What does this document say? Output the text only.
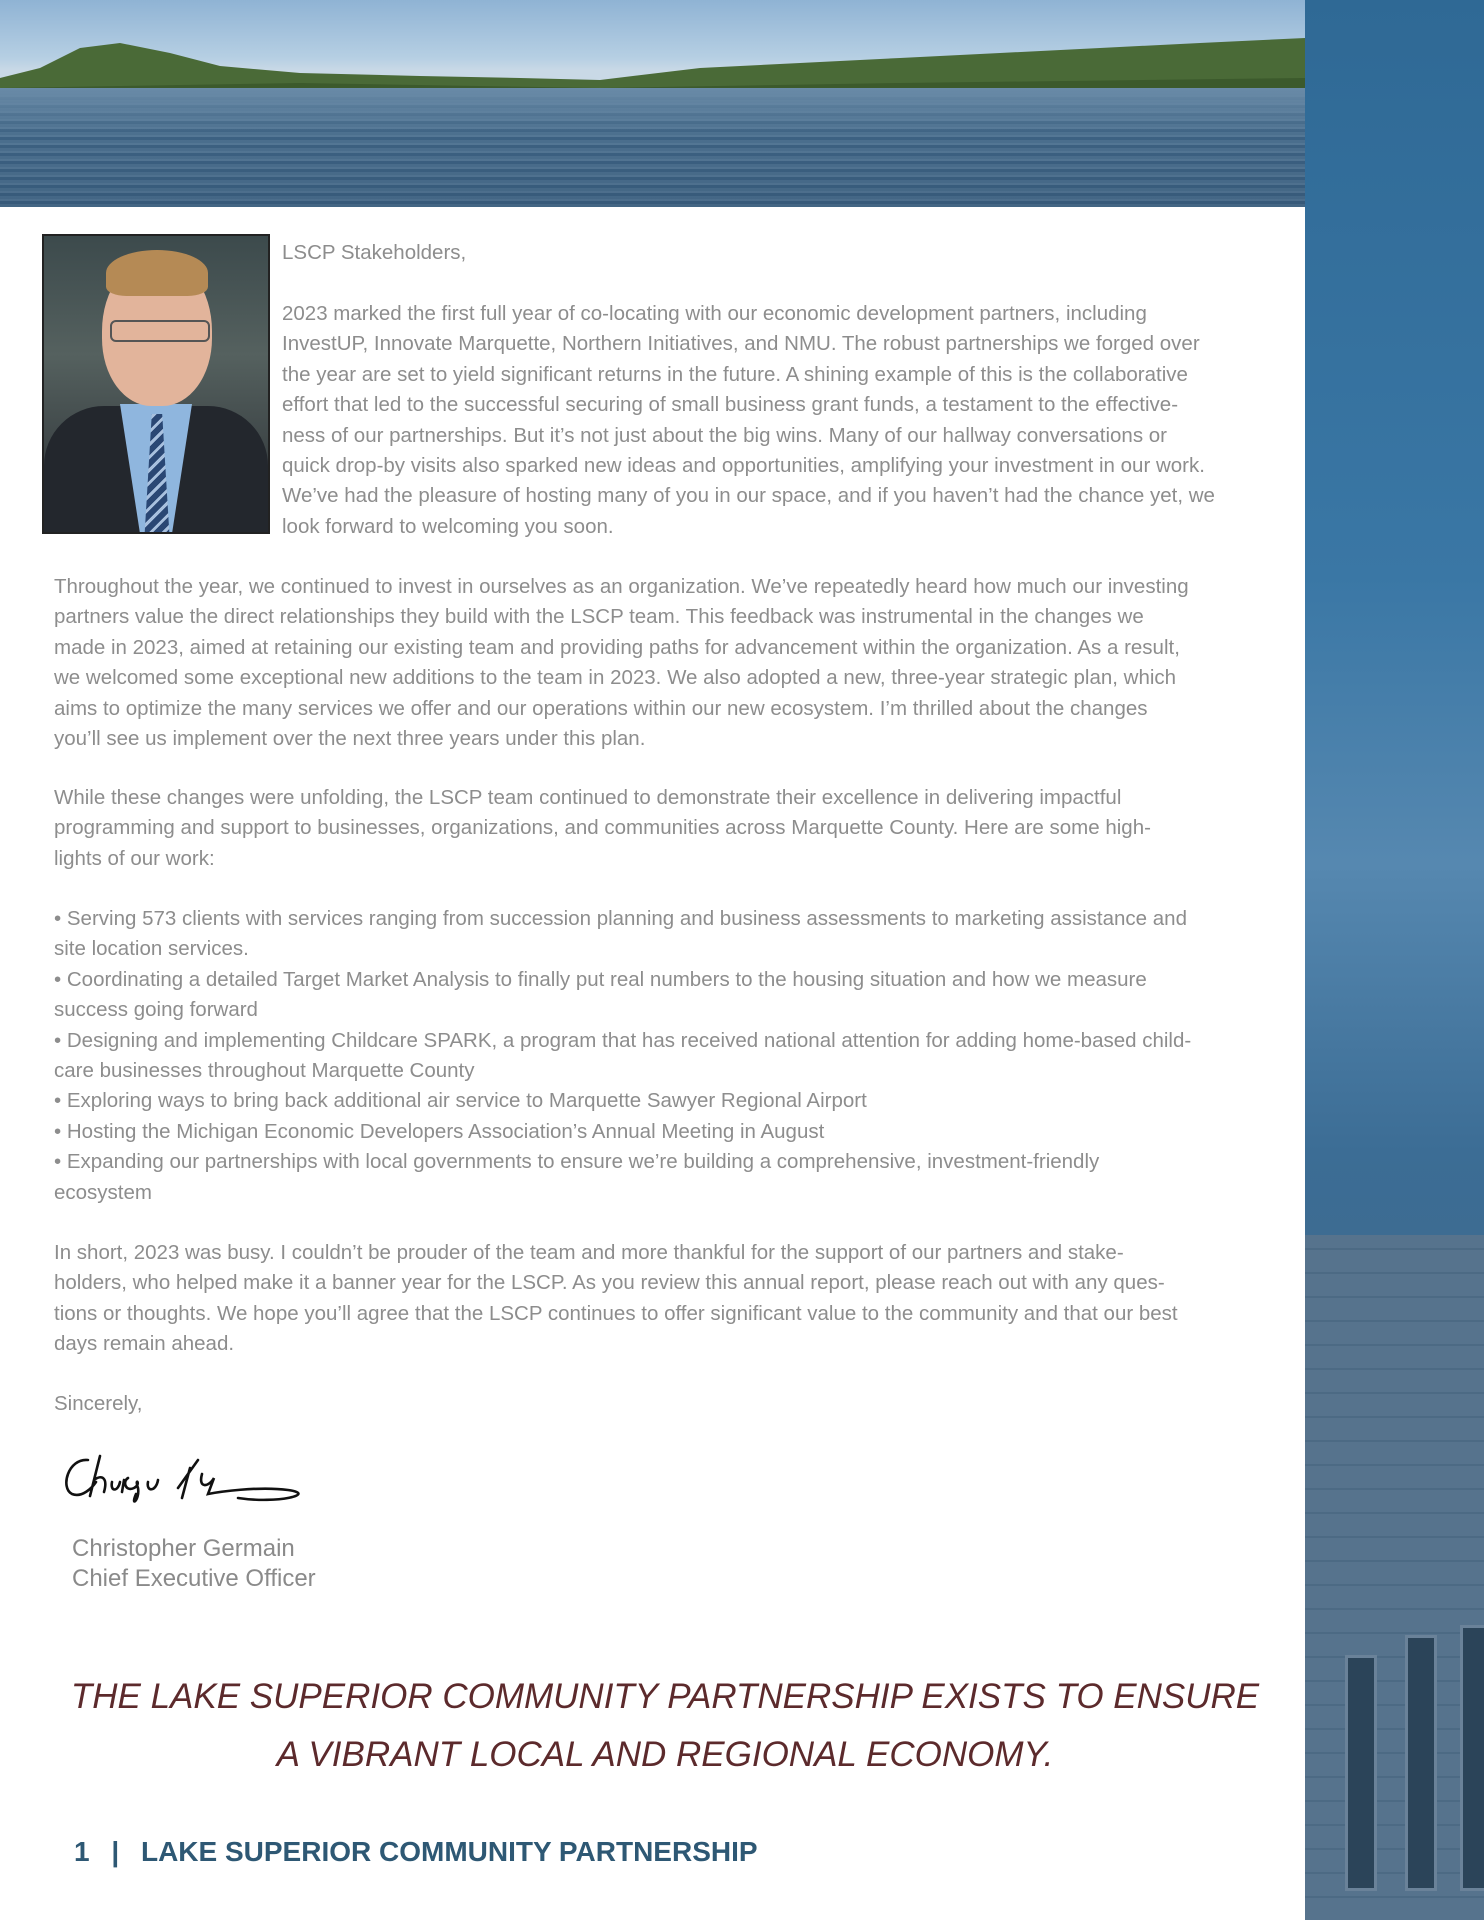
LSCP Stakeholders,
2023 marked the first full year of co-locating with our economic development partners, including
InvestUP, Innovate Marquette, Northern Initiatives, and NMU. The robust partnerships we forged over
the year are set to yield significant returns in the future. A shining example of this is the collaborative
effort that led to the successful securing of small business grant funds, a testament to the effective-
ness of our partnerships. But it’s not just about the big wins. Many of our hallway conversations or
quick drop-by visits also sparked new ideas and opportunities, amplifying your investment in our work.
We’ve had the pleasure of hosting many of you in our space, and if you haven’t had the chance yet, we
look forward to welcoming you soon.
Throughout the year, we continued to invest in ourselves as an organization. We’ve repeatedly heard how much our investing
partners value the direct relationships they build with the LSCP team. This feedback was instrumental in the changes we
made in 2023, aimed at retaining our existing team and providing paths for advancement within the organization. As a result,
we welcomed some exceptional new additions to the team in 2023. We also adopted a new, three-year strategic plan, which
aims to optimize the many services we offer and our operations within our new ecosystem. I’m thrilled about the changes
you’ll see us implement over the next three years under this plan.
While these changes were unfolding, the LSCP team continued to demonstrate their excellence in delivering impactful
programming and support to businesses, organizations, and communities across Marquette County. Here are some high-
lights of our work:
• Serving 573 clients with services ranging from succession planning and business assessments to marketing assistance and
site location services.
• Coordinating a detailed Target Market Analysis to finally put real numbers to the housing situation and how we measure
success going forward
• Designing and implementing Childcare SPARK, a program that has received national attention for adding home-based child-
care businesses throughout Marquette County
• Exploring ways to bring back additional air service to Marquette Sawyer Regional Airport
• Hosting the Michigan Economic Developers Association’s Annual Meeting in August
• Expanding our partnerships with local governments to ensure we’re building a comprehensive, investment-friendly
ecosystem
In short, 2023 was busy. I couldn’t be prouder of the team and more thankful for the support of our partners and stake-
holders, who helped make it a banner year for the LSCP. As you review this annual report, please reach out with any ques-
tions or thoughts. We hope you’ll agree that the LSCP continues to offer significant value to the community and that our best
days remain ahead.
Sincerely,
Christopher Germain
Chief Executive Officer
THE LAKE SUPERIOR COMMUNITY PARTNERSHIP EXISTS TO ENSURE
A VIBRANT LOCAL AND REGIONAL ECONOMY.
1 | LAKE SUPERIOR COMMUNITY PARTNERSHIP
